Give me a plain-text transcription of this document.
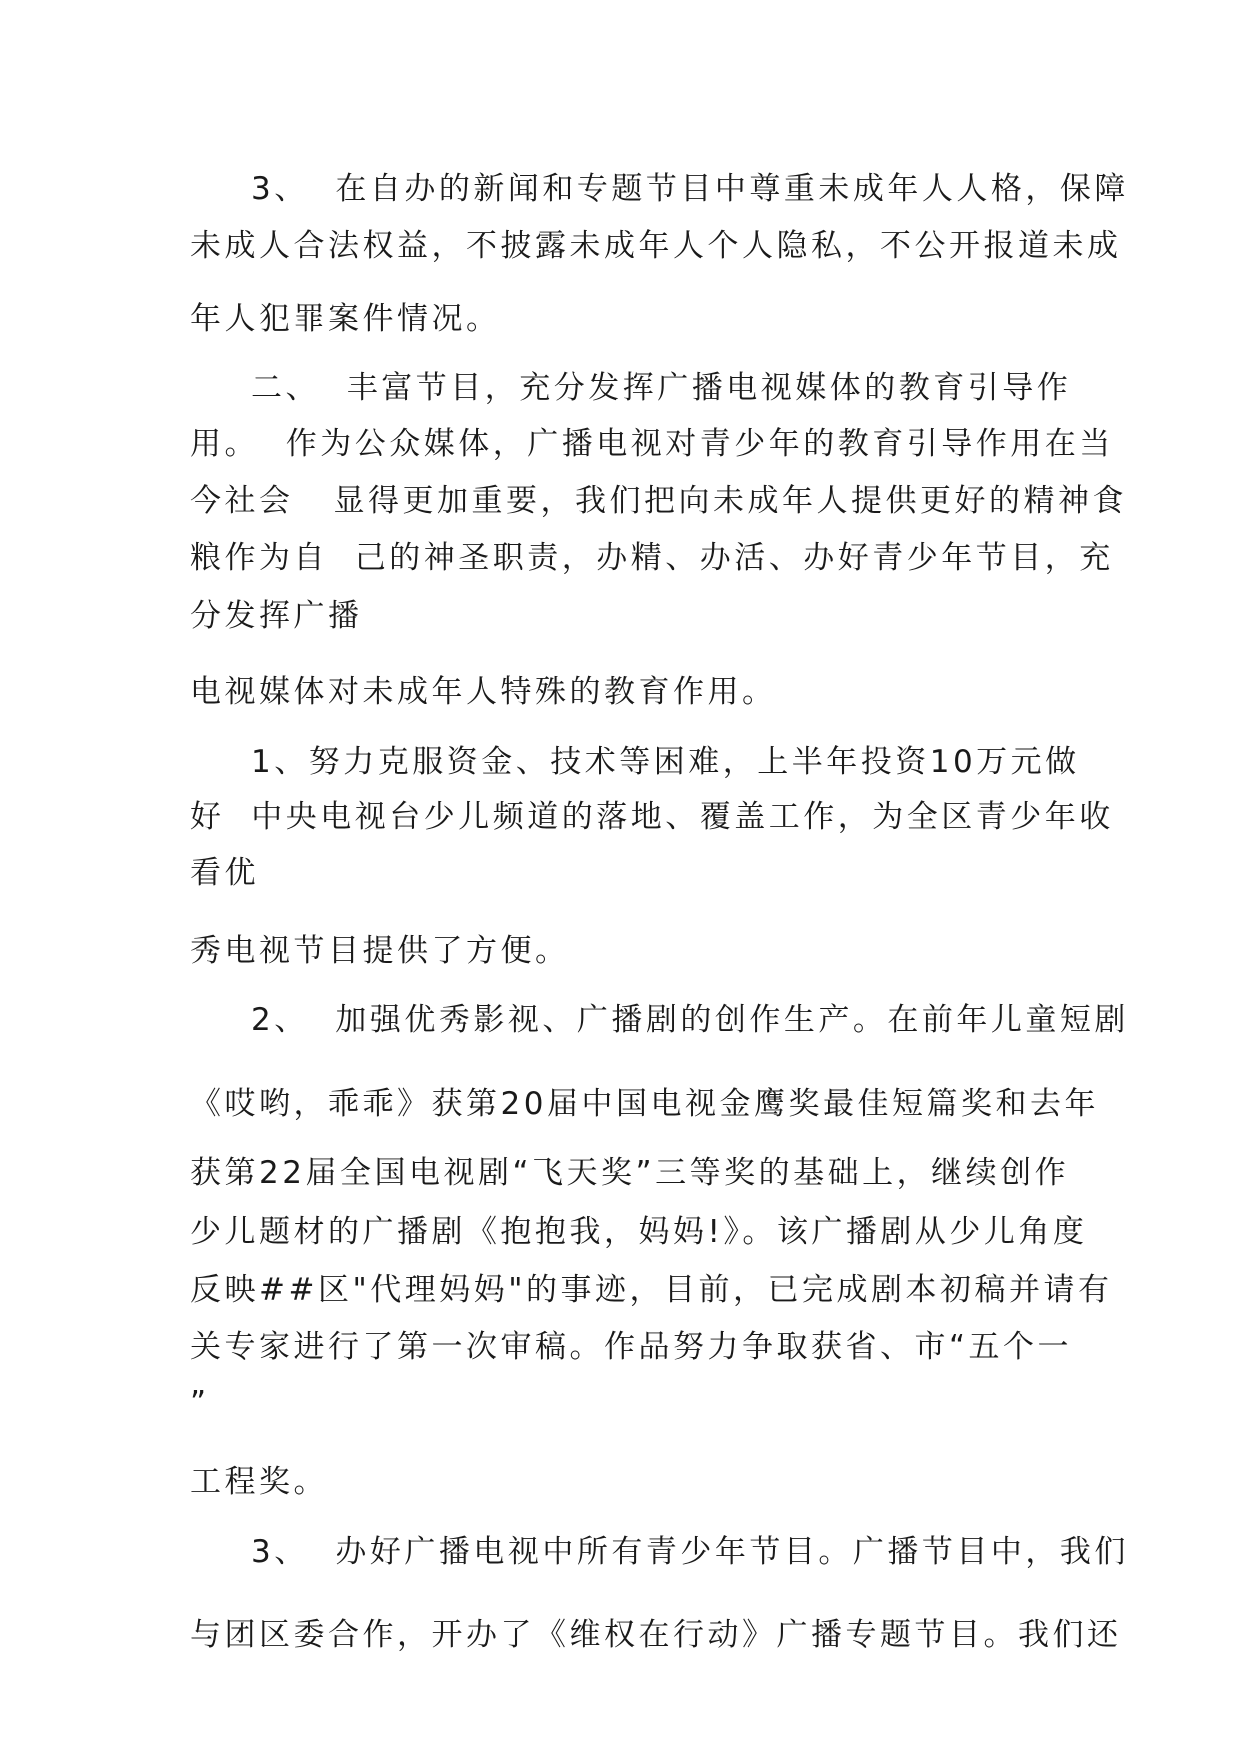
3、  在自办的新闻和专题节目中尊重未成年人人格，保障
未成人合法权益，不披露未成年人个人隐私，不公开报道未成
年人犯罪案件情况。
二、  丰富节目，充分发挥广播电视媒体的教育引导作
用。  作为公众媒体，广播电视对青少年的教育引导作用在当
今社会   显得更加重要，我们把向未成年人提供更好的精神食
粮作为自  己的神圣职责，办精、办活、办好青少年节目，充
分发挥广播
电视媒体对未成年人特殊的教育作用。
1、努力克服资金、技术等困难，上半年投资10万元做
好  中央电视台少儿频道的落地、覆盖工作，为全区青少年收
看优
秀电视节目提供了方便。
2、  加强优秀影视、广播剧的创作生产。在前年儿童短剧
《哎哟，乖乖》获第20届中国电视金鹰奖最佳短篇奖和去年
获第22届全国电视剧“飞天奖”三等奖的基础上，继续创作
少儿题材的广播剧《抱抱我，妈妈!》。该广播剧从少儿角度
反映##区"代理妈妈"的事迹，目前，已完成剧本初稿并请有
关专家进行了第一次审稿。作品努力争取获省、市“五个一
”
工程奖。
3、  办好广播电视中所有青少年节目。广播节目中，我们
与团区委合作，开办了《维权在行动》广播专题节目。我们还
